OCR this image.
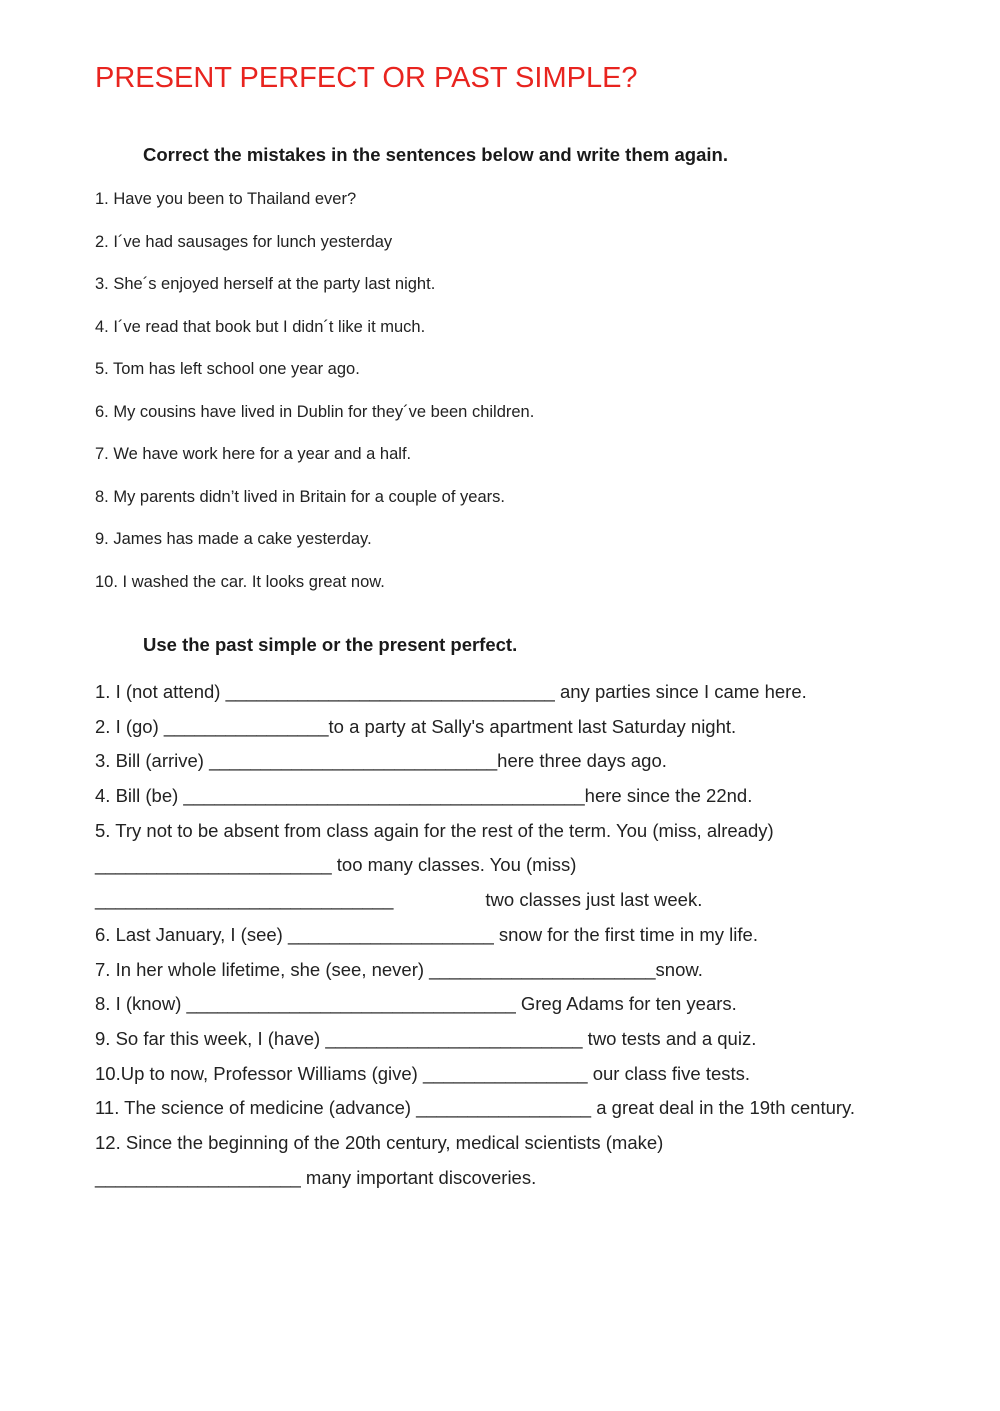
PRESENT PERFECT OR PAST SIMPLE?
Correct the mistakes in the sentences below and write them again.
1. Have you been to Thailand ever?
2. I´ve had sausages for lunch yesterday
3. She´s enjoyed herself at the party last night.
4. I´ve read that book but I didn´t like it much.
5. Tom has left school one year ago.
6. My cousins have lived in Dublin for they´ve been children.
7. We have work here for a year and a half.
8. My parents didn’t lived in Britain for a couple of years.
9. James has made a cake yesterday.
10. I washed the car. It looks great now.
Use the past simple or the present perfect.
1. I (not attend) ________________________________ any parties since I came here.
2. I (go) ________________to a party at Sally's apartment last Saturday night.
3. Bill (arrive) ____________________________here three days ago.
4. Bill (be) _______________________________________here since the 22nd.
5. Try not to be absent from class again for the rest of the term. You (miss, already)
_______________________ too many classes. You (miss)
_____________________________	two classes just last week.
6. Last January, I (see) ____________________ snow for the first time in my life.
7. In her whole lifetime, she (see, never) ______________________snow.
8. I (know) ________________________________ Greg Adams for ten years.
9. So far this week, I (have) _________________________ two tests and a quiz.
10.Up to now, Professor Williams (give) ________________ our class five tests.
11. The science of medicine (advance) _________________ a great deal in the 19th century.
12. Since the beginning of the 20th century, medical scientists (make)
____________________ many important discoveries.
